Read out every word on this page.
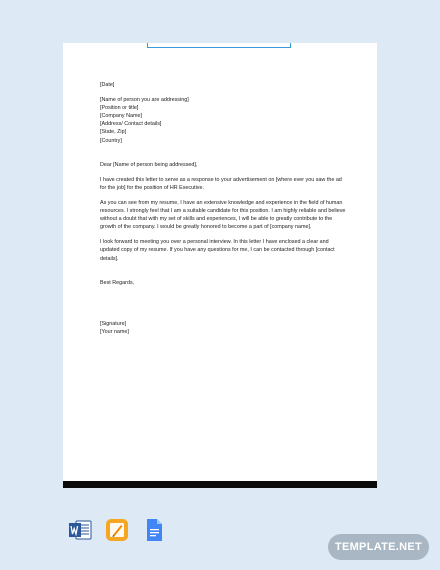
[Date]

[Name of person you are addressing]

[Position or title]

[Company Name]

[Address/ Contact details]

[State, Zip]

[Country]

Dear [Name of person being addressed],

I have created this letter to serve as a response to your advertisement on [where ever you saw the ad for the job] for the position of HR Executive.

As you can see from my resume, I have an extensive knowledge and experience in the field of human resources. I strongly feel that I am a suitable candidate for this position. I am highly reliable and believe without a doubt that with my set of skills and experiences, I will be able to greatly contribute to the growth of the company. I would be greatly honored to become a part of [company name].

I look forward to meeting you over a personal interview. In this letter I have enclosed a clear and updated copy of my resume. If you have any questions for me, I can be contacted through [contact details].

Best Regards,

[Signature]

[Your name]

TEMPLATE.NET
